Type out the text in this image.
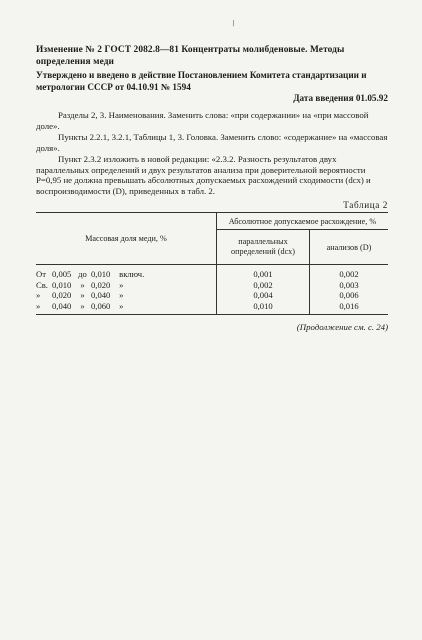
/
Изменение № 2 ГОСТ 2082.8—81 Концентраты молибденовые. Методы определения меди
Утверждено и введено в действие Постановлением Комитета стандартизации и метрологии СССР от 04.10.91 № 1594
Дата введения 01.05.92
Разделы 2, 3. Наименования. Заменить слова: «при содержании» на «при массовой доле».
Пункты 2.2.1, 3.2.1, Таблицы 1, 3. Головка. Заменить слово: «содержание» на «массовая доля».
Пункт 2.3.2 изложить в новой редакции: «2.3.2. Разность результатов двух параллельных определений и двух результатов анализа при доверительной вероятности P=0,95 не должна превышать абсолютных допускаемых расхождений сходимости (dсх) и воспроизводимости (D), приведенных в табл. 2.
Таблица 2
Массовая доля меди, %	Абсолютное допускаемое расхождение, %	
	параллельных определений (dсх)	анализов (D)
От 0,005 до 0,010 включ.	0,001	0,002
Св. 0,010 » 0,020 »	0,002	0,003
» 0,020 » 0,040 »	0,004	0,006
» 0,040 » 0,060 »	0,010	0,016
(Продолжение см. с. 24)
